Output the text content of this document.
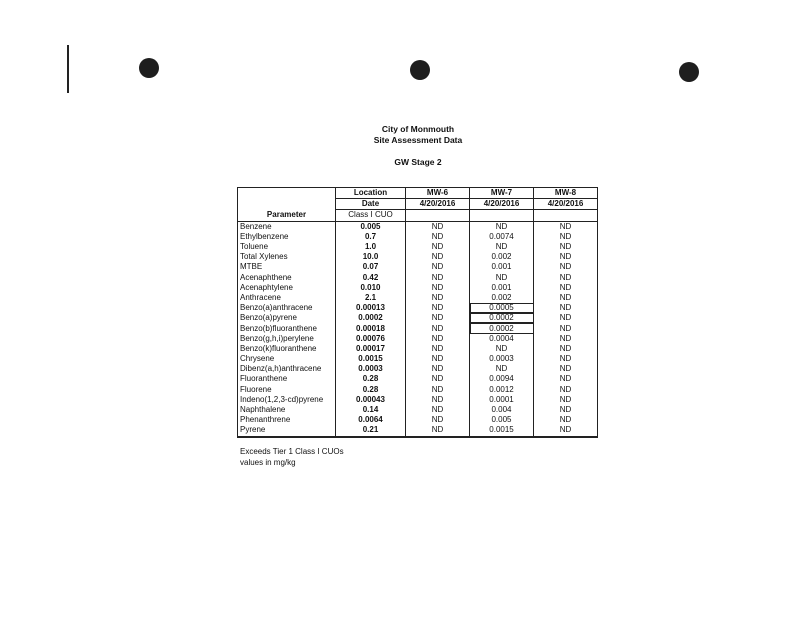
City of Monmouth
Site Assessment Data
GW Stage 2
	Location	MW-6	MW-7	MW-8
	Date	4/20/2016	4/20/2016	4/20/2016
Parameter	Class I CUO			
Benzene	0.005	ND	ND	ND
Ethylbenzene	0.7	ND	0.0074	ND
Toluene	1.0	ND	ND	ND
Total Xylenes	10.0	ND	0.002	ND
MTBE	0.07	ND	0.001	ND
Acenaphthene	0.42	ND	ND	ND
Acenaphtylene	0.010	ND	0.001	ND
Anthracene	2.1	ND	0.002	ND
Benzo(a)anthracene	0.00013	ND	0.0005	ND
Benzo(a)pyrene	0.0002	ND	0.0002	ND
Benzo(b)fluoranthene	0.00018	ND	0.0002	ND
Benzo(g,h,i)perylene	0.00076	ND	0.0004	ND
Benzo(k)fluoranthene	0.00017	ND	ND	ND
Chrysene	0.0015	ND	0.0003	ND
Dibenz(a,h)anthracene	0.0003	ND	ND	ND
Fluoranthene	0.28	ND	0.0094	ND
Fluorene	0.28	ND	0.0012	ND
Indeno(1,2,3-cd)pyrene	0.00043	ND	0.0001	ND
Naphthalene	0.14	ND	0.004	ND
Phenanthrene	0.0064	ND	0.005	ND
Pyrene	0.21	ND	0.0015	ND
Exceeds Tier 1 Class I CUOs
values in mg/kg
